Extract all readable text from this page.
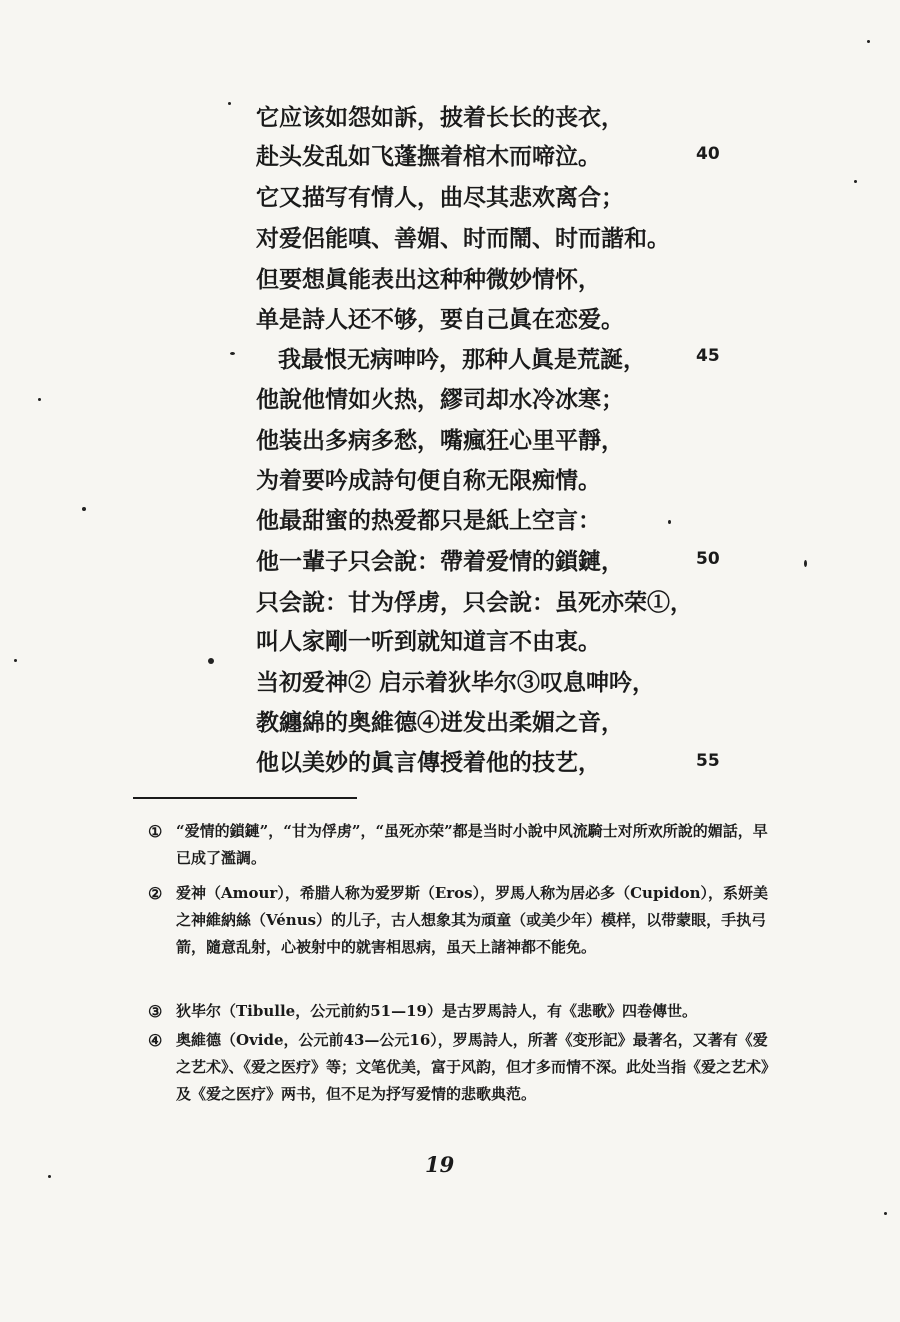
它应该如怨如訴，披着长长的丧衣，
赴头发乱如飞蓬撫着棺木而啼泣。
它又描写有情人，曲尽其悲欢离合；
对爱侶能嗔、善媚、时而鬧、时而諧和。
但要想眞能表出这种种微妙情怀，
单是詩人还不够，要自己眞在恋爱。
我最恨无病呻吟，那种人眞是荒誕，
他說他情如火热，繆司却水冷冰寒；
他装出多病多愁，嘴瘋狂心里平靜，
为着要吟成詩句便自称无限痴情。
他最甜蜜的热爱都只是紙上空言：
他一輩子只会說：帶着爱情的鎖鏈，
只会說：甘为俘虏，只会說：虽死亦荣①，
叫人家剛一听到就知道言不由衷。
当初爱神② 启示着狄毕尔③叹息呻吟，
教纏綿的奥維德④迸发出柔媚之音，
他以美妙的眞言傳授着他的技艺，
40
45
50
55
① “爱情的鎖鏈”，“甘为俘虏”，“虽死亦荣”都是当时小說中风流騎士对所欢所說的媚話，早已成了濫調。
② 爱神（Amour），希腊人称为爱罗斯（Eros），罗馬人称为居必多（Cupidon），系妍美之神維納絲（Vénus）的儿子，古人想象其为頑童（或美少年）模样，以带蒙眼，手执弓箭，隨意乱射，心被射中的就害相思病，虽天上諸神都不能免。
③ 狄毕尔（Tibulle，公元前約51—19）是古罗馬詩人，有《悲歌》四卷傳世。
④ 奥維德（Ovide，公元前43—公元16），罗馬詩人，所著《变形記》最著名，又著有《爱之艺术》、《爱之医疗》等；文笔优美，富于风韵，但才多而情不深。此处当指《爱之艺术》及《爱之医疗》两书，但不足为抒写爱情的悲歌典范。
19
